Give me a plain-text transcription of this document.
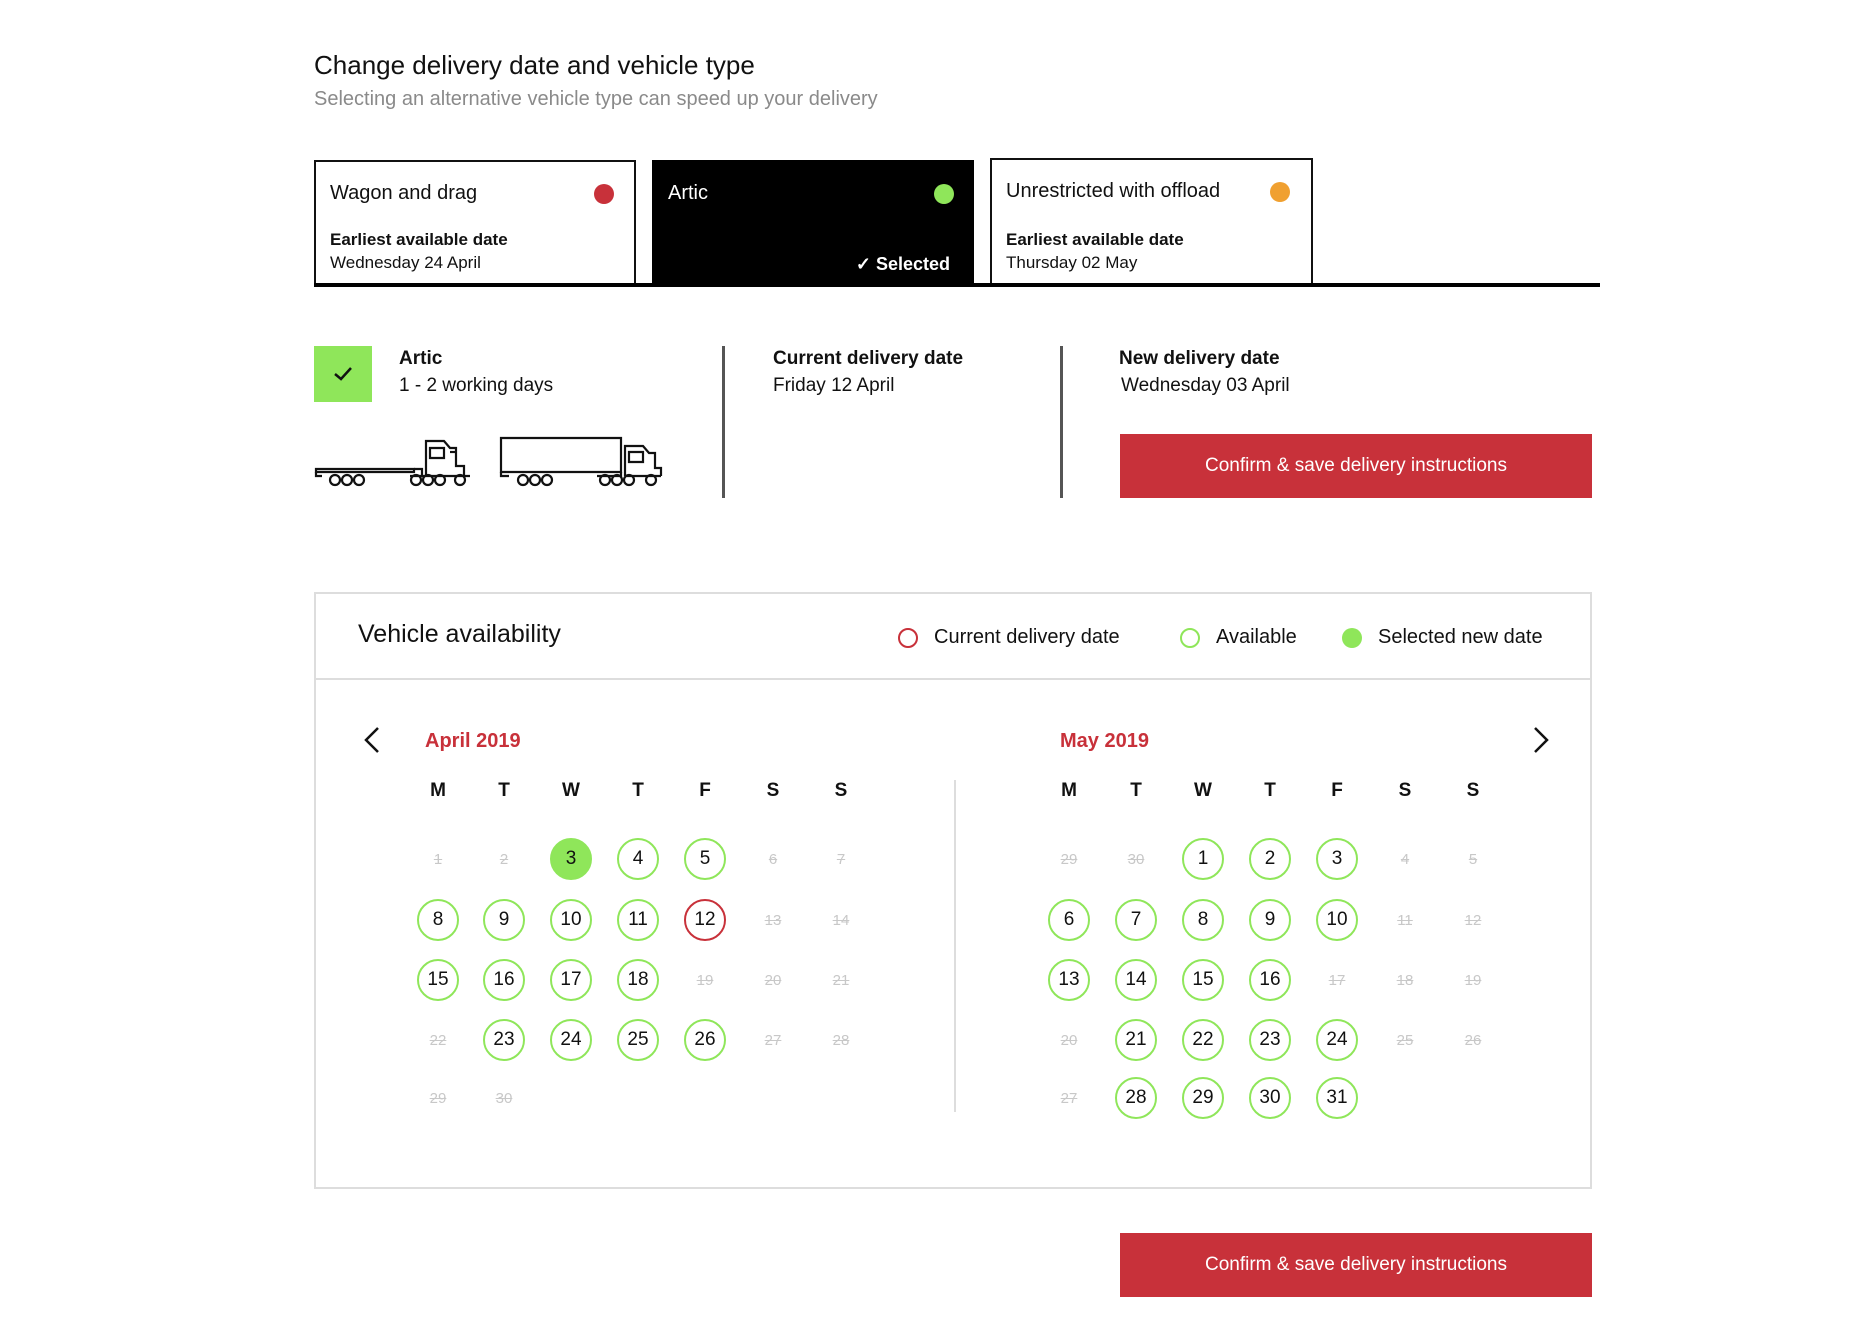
Change delivery date and vehicle type
Selecting an alternative vehicle type can speed up your delivery
Wagon and drag
Earliest available date
Wednesday 24 April
Artic
✓ Selected
Unrestricted with offload
Earliest available date
Thursday 02 May
Artic
1 - 2 working days
Current delivery date
Friday 12 April
New delivery date
Wednesday 03 April
Confirm & save delivery instructions
Vehicle availability	Current delivery date	Available	Selected new date
April 2019	May 2019
M	T	W	T	F	S	S
1	2	3	4	5	6	7
8	9	10	11	12	13	14
15	16	17	18	19	20	21
22	23	24	25	26	27	28
29	30
M	T	W	T	F	S	S
29	30	1	2	3	4	5
6	7	8	9	10	11	12
13	14	15	16	17	18	19
20	21	22	23	24	25	26
27	28	29	30	31
Confirm & save delivery instructions
